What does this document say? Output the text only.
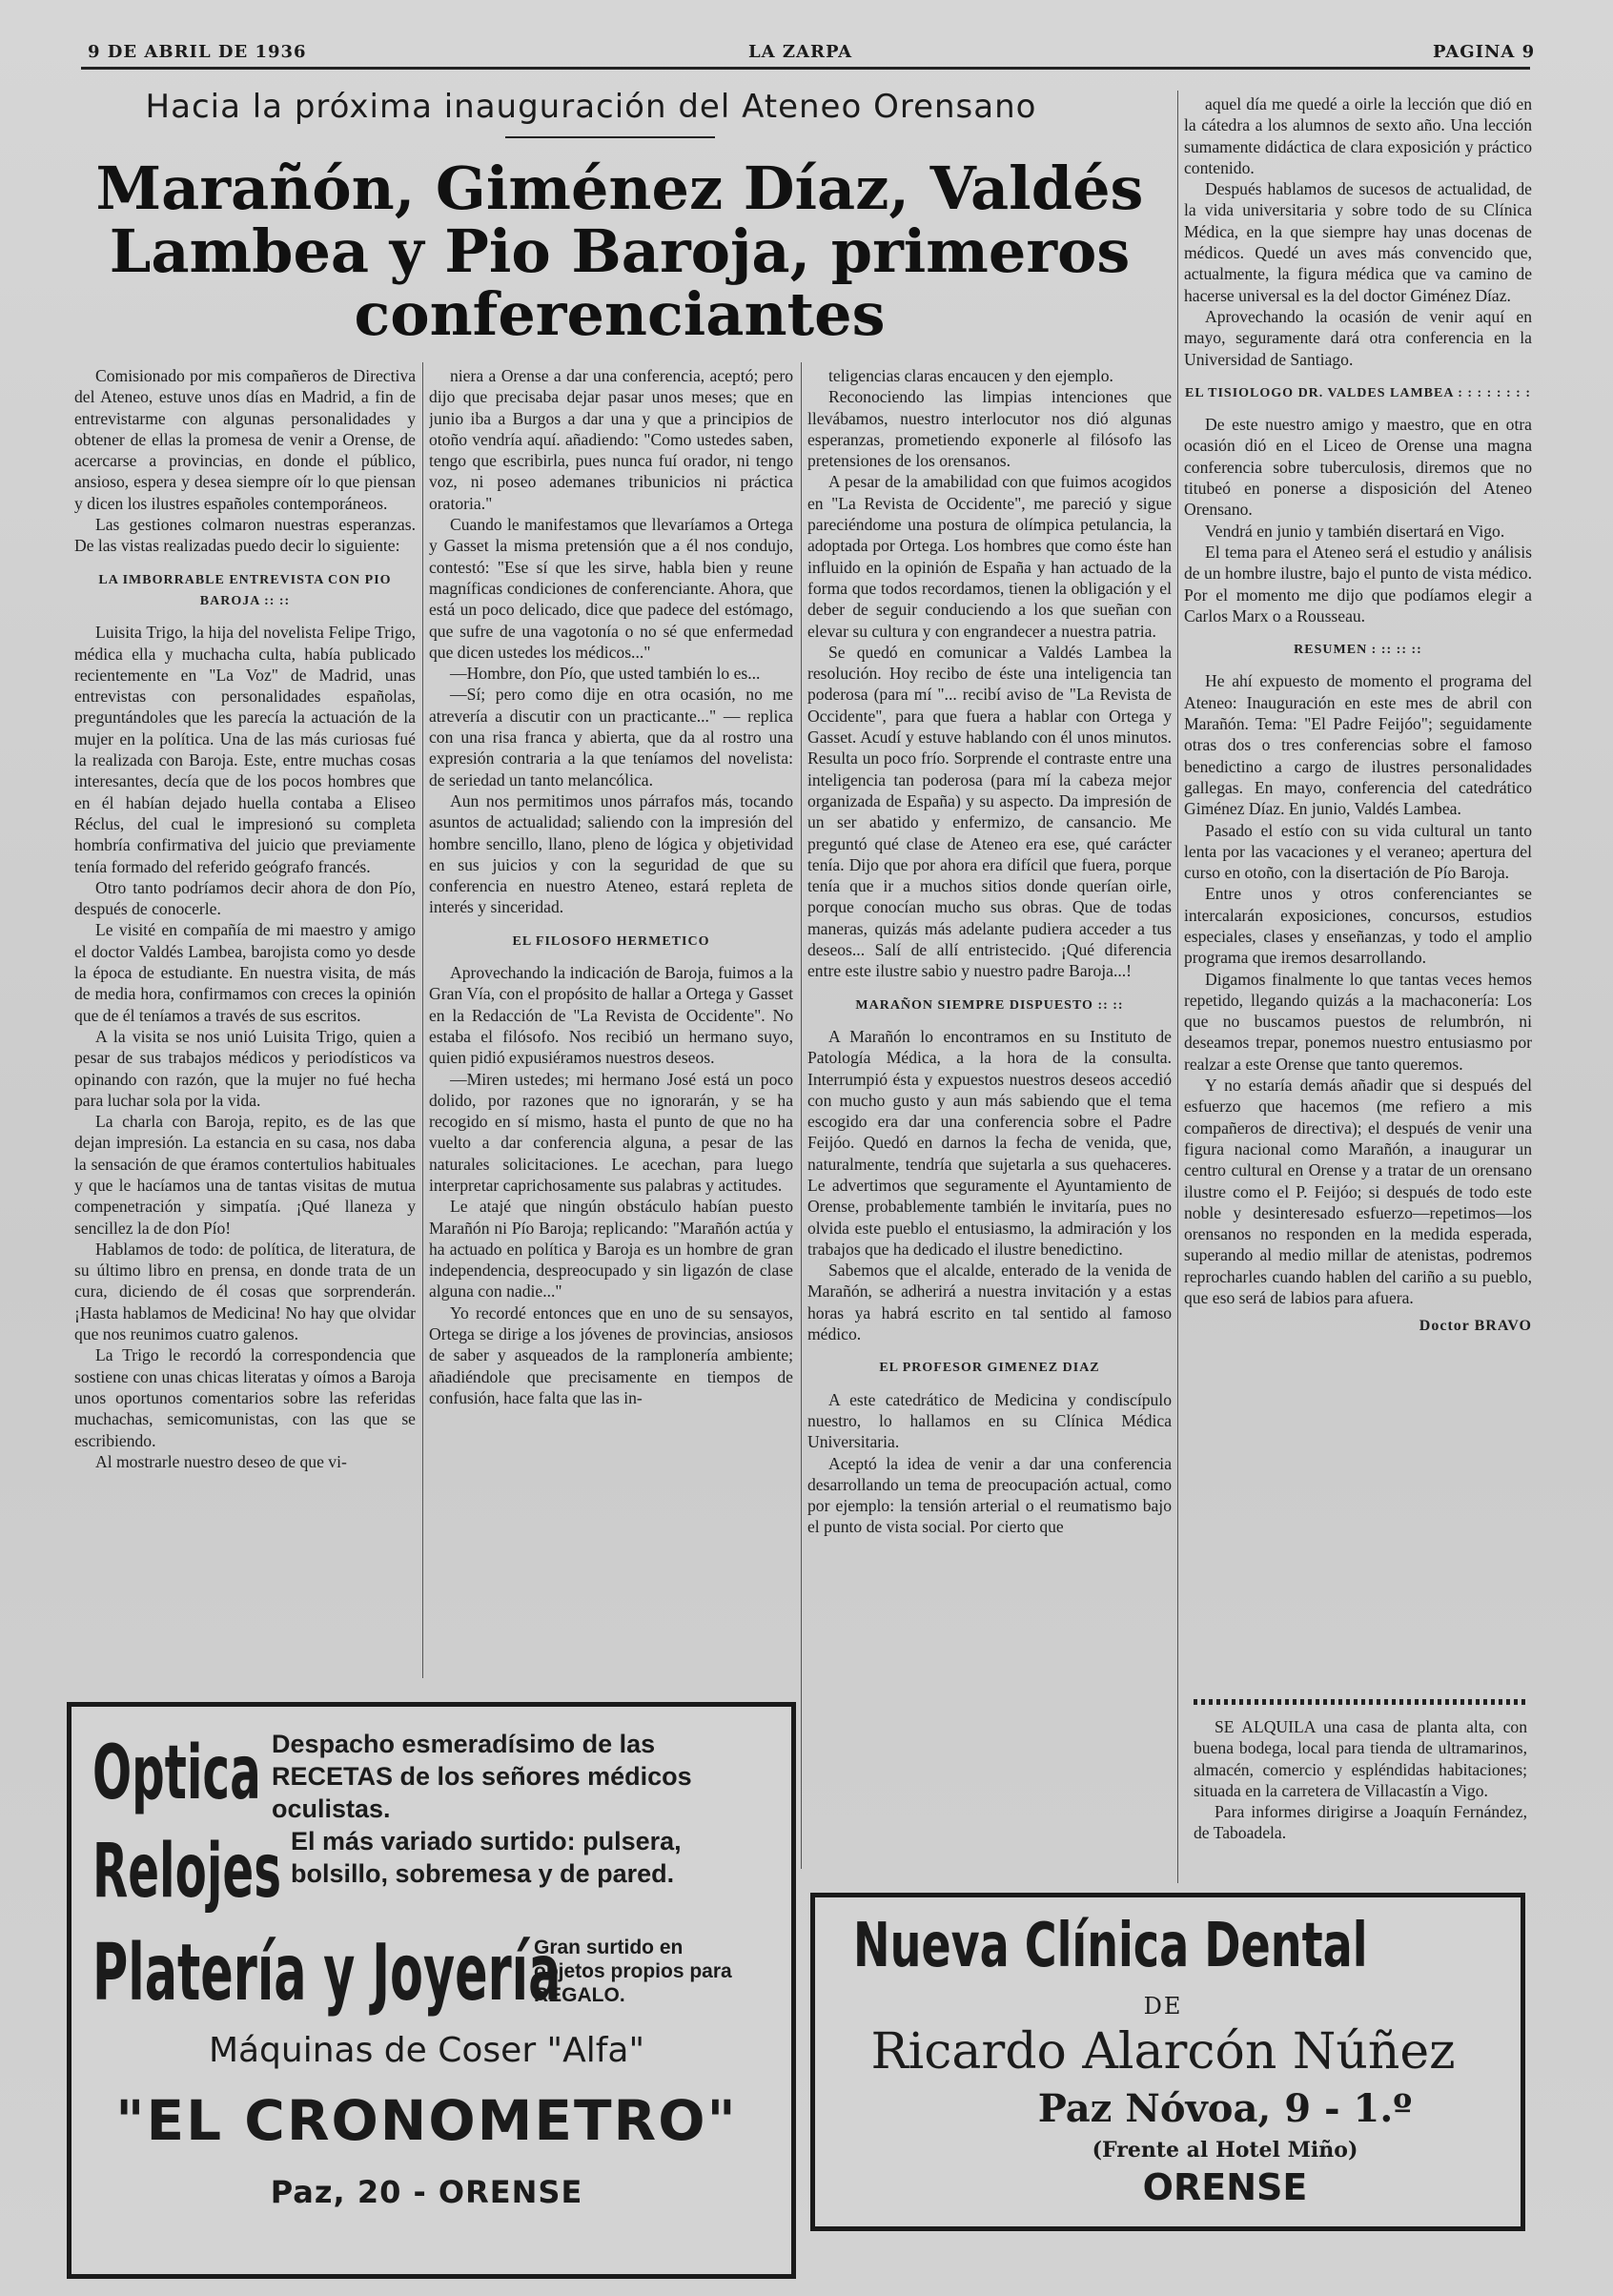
9 DE ABRIL DE 1936	LA ZARPA	PAGINA 9
Hacia la próxima inauguración del Ateneo Orensano
Marañón, Giménez Díaz, Valdés Lambea y Pio Baroja, primeros conferenciantes

Comisionado por mis compañeros de Directiva del Ateneo, estuve unos días en Madrid, a fin de entrevistarme con algunas personalidades y obtener de ellas la promesa de venir a Orense, de acercarse a provincias, en donde el público, ansioso, espera y desea siempre oír lo que piensan y dicen los ilustres españoles contemporáneos.

Las gestiones colmaron nuestras esperanzas. De las vistas realizadas puedo decir lo siguiente:

LA IMBORRABLE ENTREVISTA CON PIO BAROJA :: ::

Luisita Trigo, la hija del novelista Felipe Trigo, médica ella y muchacha culta, había publicado recientemente en "La Voz" de Madrid, unas entrevistas con personalidades españolas, preguntándoles que les parecía la actuación de la mujer en la política. Una de las más curiosas fué la realizada con Baroja. Este, entre muchas cosas interesantes, decía que de los pocos hombres que en él habían dejado huella contaba a Eliseo Réclus, del cual le impresionó su completa hombría confirmativa del juicio que previamente tenía formado del referido geógrafo francés.

Otro tanto podríamos decir ahora de don Pío, después de conocerle.

Le visité en compañía de mi maestro y amigo el doctor Valdés Lambea, barojista como yo desde la época de estudiante. En nuestra visita, de más de media hora, confirmamos con creces la opinión que de él teníamos a través de sus escritos.

A la visita se nos unió Luisita Trigo, quien a pesar de sus trabajos médicos y periodísticos va opinando con razón, que la mujer no fué hecha para luchar sola por la vida.

La charla con Baroja, repito, es de las que dejan impresión. La estancia en su casa, nos daba la sensación de que éramos contertulios habituales y que le hacíamos una de tantas visitas de mutua compenetración y simpatía. ¡Qué llaneza y sencillez la de don Pío!

Hablamos de todo: de política, de literatura, de su último libro en prensa, en donde trata de un cura, diciendo de él cosas que sorprenderán. ¡Hasta hablamos de Medicina! No hay que olvidar que nos reunimos cuatro galenos.

La Trigo le recordó la correspondencia que sostiene con unas chicas literatas y oímos a Baroja unos oportunos comentarios sobre las referidas muchachas, semicomunistas, con las que se escribiendo.

Al mostrarle nuestro deseo de que vi-

niera a Orense a dar una conferencia, aceptó; pero dijo que precisaba dejar pasar unos meses; que en junio iba a Burgos a dar una y que a principios de otoño vendría aquí. añadiendo: "Como ustedes saben, tengo que escribirla, pues nunca fuí orador, ni tengo voz, ni poseo ademanes tribunicios ni práctica oratoria."

Cuando le manifestamos que llevaríamos a Ortega y Gasset la misma pretensión que a él nos condujo, contestó: "Ese sí que les sirve, habla bien y reune magníficas condiciones de conferenciante. Ahora, que está un poco delicado, dice que padece del estómago, que sufre de una vagotonía o no sé que enfermedad que dicen ustedes los médicos..."

—Hombre, don Pío, que usted también lo es...

—Sí; pero como dije en otra ocasión, no me atrevería a discutir con un practicante..." — replica con una risa franca y abierta, que da al rostro una expresión contraria a la que teníamos del novelista: de seriedad un tanto melancólica.

Aun nos permitimos unos párrafos más, tocando asuntos de actualidad; saliendo con la impresión del hombre sencillo, llano, pleno de lógica y objetividad en sus juicios y con la seguridad de que su conferencia en nuestro Ateneo, estará repleta de interés y sinceridad.

EL FILOSOFO HERMETICO

Aprovechando la indicación de Baroja, fuimos a la Gran Vía, con el propósito de hallar a Ortega y Gasset en la Redacción de "La Revista de Occidente". No estaba el filósofo. Nos recibió un hermano suyo, quien pidió expusiéramos nuestros deseos.

—Miren ustedes; mi hermano José está un poco dolido, por razones que no ignorarán, y se ha recogido en sí mismo, hasta el punto de que no ha vuelto a dar conferencia alguna, a pesar de las naturales solicitaciones. Le acechan, para luego interpretar caprichosamente sus palabras y actitudes.

Le atajé que ningún obstáculo habían puesto Marañón ni Pío Baroja; replicando: "Marañón actúa y ha actuado en política y Baroja es un hombre de gran independencia, despreocupado y sin ligazón de clase alguna con nadie..."

Yo recordé entonces que en uno de su sensayos, Ortega se dirige a los jóvenes de provincias, ansiosos de saber y asqueados de la ramplonería ambiente; añadiéndole que precisamente en tiempos de confusión, hace falta que las in-

teligencias claras encaucen y den ejemplo.

Reconociendo las limpias intenciones que llevábamos, nuestro interlocutor nos dió algunas esperanzas, prometiendo exponerle al filósofo las pretensiones de los orensanos.

A pesar de la amabilidad con que fuimos acogidos en "La Revista de Occidente", me pareció y sigue pareciéndome una postura de olímpica petulancia, la adoptada por Ortega. Los hombres que como éste han influido en la opinión de España y han actuado de la forma que todos recordamos, tienen la obligación y el deber de seguir conduciendo a los que sueñan con elevar su cultura y con engrandecer a nuestra patria.

Se quedó en comunicar a Valdés Lambea la resolución. Hoy recibo de éste una inteligencia tan poderosa (para mí "... recibí aviso de "La Revista de Occidente", para que fuera a hablar con Ortega y Gasset. Acudí y estuve hablando con él unos minutos. Resulta un poco frío. Sorprende el contraste entre una inteligencia tan poderosa (para mí la cabeza mejor organizada de España) y su aspecto. Da impresión de un ser abatido y enfermizo, de cansancio. Me preguntó qué clase de Ateneo era ese, qué carácter tenía. Dijo que por ahora era difícil que fuera, porque tenía que ir a muchos sitios donde querían oirle, porque conocían mucho sus obras. Que de todas maneras, quizás más adelante pudiera acceder a tus deseos... Salí de allí entristecido. ¡Qué diferencia entre este ilustre sabio y nuestro padre Baroja...!

MARAÑON SIEMPRE DISPUESTO :: ::

A Marañón lo encontramos en su Instituto de Patología Médica, a la hora de la consulta. Interrumpió ésta y expuestos nuestros deseos accedió con mucho gusto y aun más sabiendo que el tema escogido era dar una conferencia sobre el Padre Feijóo. Quedó en darnos la fecha de venida, que, naturalmente, tendría que sujetarla a sus quehaceres. Le advertimos que seguramente el Ayuntamiento de Orense, probablemente también le invitaría, pues no olvida este pueblo el entusiasmo, la admiración y los trabajos que ha dedicado el ilustre benedictino.

Sabemos que el alcalde, enterado de la venida de Marañón, se adherirá a nuestra invitación y a estas horas ya habrá escrito en tal sentido al famoso médico.

EL PROFESOR GIMENEZ DIAZ

A este catedrático de Medicina y condiscípulo nuestro, lo hallamos en su Clínica Médica Universitaria.

Aceptó la idea de venir a dar una conferencia desarrollando un tema de preocupación actual, como por ejemplo: la tensión arterial o el reumatismo bajo el punto de vista social. Por cierto que

aquel día me quedé a oirle la lección que dió en la cátedra a los alumnos de sexto año. Una lección sumamente didáctica de clara exposición y práctico contenido.

Después hablamos de sucesos de actualidad, de la vida universitaria y sobre todo de su Clínica Médica, en la que siempre hay unas docenas de médicos. Quedé un aves más convencido que, actualmente, la figura médica que va camino de hacerse universal es la del doctor Giménez Díaz.

Aprovechando la ocasión de venir aquí en mayo, seguramente dará otra conferencia en la Universidad de Santiago.

EL TISIOLOGO DR. VALDES LAMBEA : : : : : : : :

De este nuestro amigo y maestro, que en otra ocasión dió en el Liceo de Orense una magna conferencia sobre tuberculosis, diremos que no titubeó en ponerse a disposición del Ateneo Orensano.

Vendrá en junio y también disertará en Vigo.

El tema para el Ateneo será el estudio y análisis de un hombre ilustre, bajo el punto de vista médico. Por el momento me dijo que podíamos elegir a Carlos Marx o a Rousseau.

RESUMEN : :: :: ::

He ahí expuesto de momento el programa del Ateneo: Inauguración en este mes de abril con Marañón. Tema: "El Padre Feijóo"; seguidamente otras dos o tres conferencias sobre el famoso benedictino a cargo de ilustres personalidades gallegas. En mayo, conferencia del catedrático Giménez Díaz. En junio, Valdés Lambea.

Pasado el estío con su vida cultural un tanto lenta por las vacaciones y el veraneo; apertura del curso en otoño, con la disertación de Pío Baroja.

Entre unos y otros conferenciantes se intercalarán exposiciones, concursos, estudios especiales, clases y enseñanzas, y todo el amplio programa que iremos desarrollando.

Digamos finalmente lo que tantas veces hemos repetido, llegando quizás a la machaconería: Los que no buscamos puestos de relumbrón, ni deseamos trepar, ponemos nuestro entusiasmo por realzar a este Orense que tanto queremos.

Y no estaría demás añadir que si después del esfuerzo que hacemos (me refiero a mis compañeros de directiva); el después de venir una figura nacional como Marañón, a inaugurar un centro cultural en Orense y a tratar de un orensano ilustre como el P. Feijóo; si después de todo este noble y desinteresado esfuerzo—repetimos—los orensanos no responden en la medida esperada, superando al medio millar de atenistas, podremos reprocharles cuando hablen del cariño a su pueblo, que eso será de labios para afuera.

Doctor BRAVO

SE ALQUILA una casa de planta alta, con buena bodega, local para tienda de ultramarinos, almacén, comercio y espléndidas habitaciones; situada en la carretera de Villacastín a Vigo.

Para informes dirigirse a Joaquín Fernández, de Taboadela.

Optica Despacho esmeradísimo de las RECETAS de los señores médicos oculistas.
Relojes El más variado surtido: pulsera, bolsillo, sobremesa y de pared.
Platería y Joyería
Gran surtido en objetos propios para REGALO.
Máquinas de Coser "Alfa"
"EL CRONOMETRO"
Paz, 20 - ORENSE
Nueva Clínica Dental
DE
Ricardo Alarcón Núñez
Paz Nóvoa, 9 - 1.º
(Frente al Hotel Miño)
ORENSE
